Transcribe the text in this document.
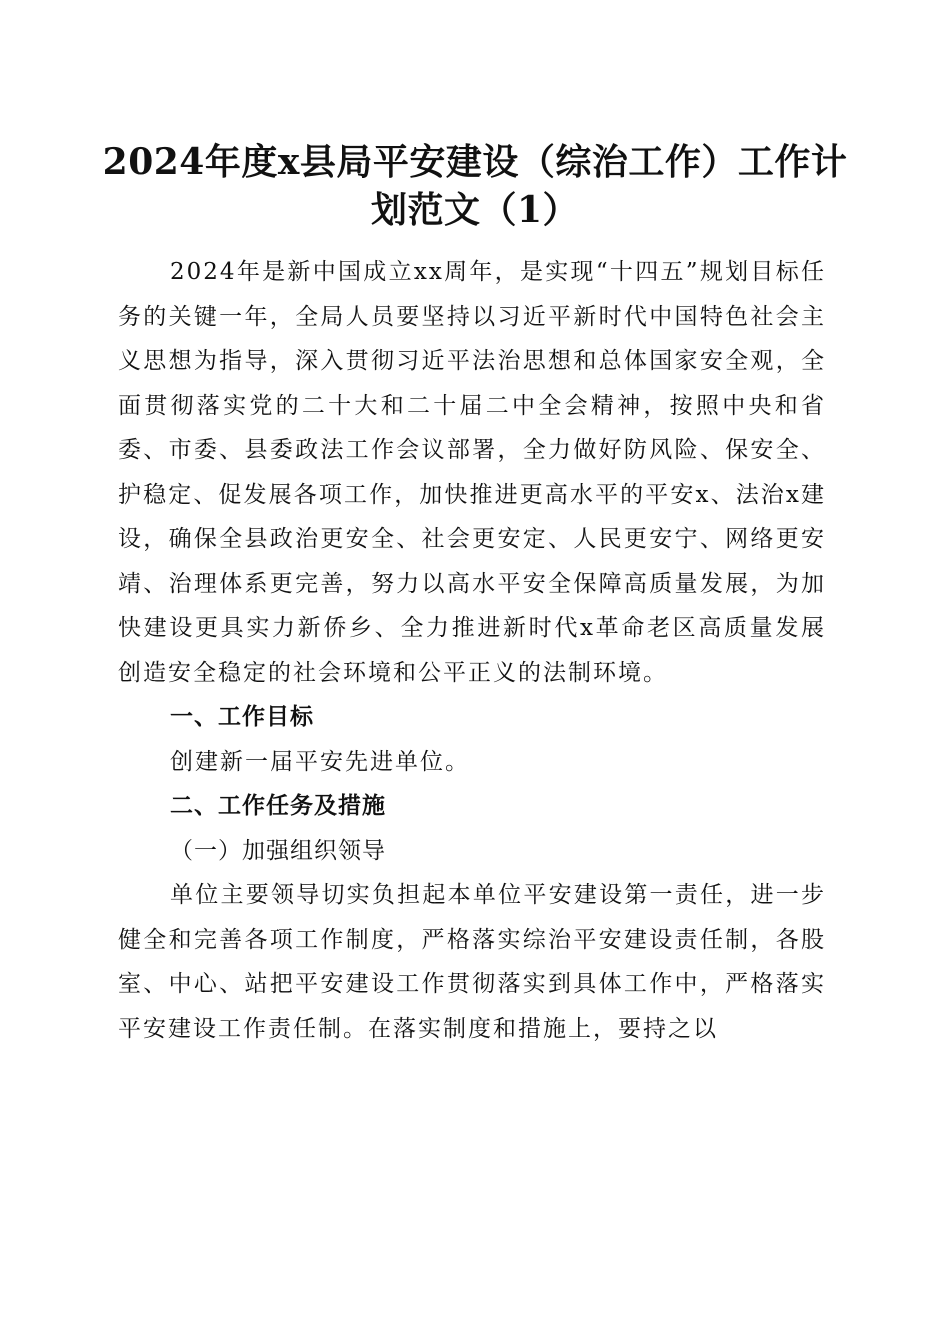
2024年度x县局平安建设（综治工作）工作计划范文（1）

2024年是新中国成立xx周年，是实现“十四五”规划目标任务的关键一年，全局人员要坚持以习近平新时代中国特色社会主义思想为指导，深入贯彻习近平法治思想和总体国家安全观，全面贯彻落实党的二十大和二十届二中全会精神，按照中央和省委、市委、县委政法工作会议部署，全力做好防风险、保安全、护稳定、促发展各项工作，加快推进更高水平的平安x、法治x建设，确保全县政治更安全、社会更安定、人民更安宁、网络更安靖、治理体系更完善，努力以高水平安全保障高质量发展，为加快建设更具实力新侨乡、全力推进新时代x革命老区高质量发展创造安全稳定的社会环境和公平正义的法制环境。

一、工作目标

创建新一届平安先进单位。

二、工作任务及措施

（一）加强组织领导

单位主要领导切实负担起本单位平安建设第一责任，进一步健全和完善各项工作制度，严格落实综治平安建设责任制，各股室、中心、站把平安建设工作贯彻落实到具体工作中，严格落实平安建设工作责任制。在落实制度和措施上，要持之以
